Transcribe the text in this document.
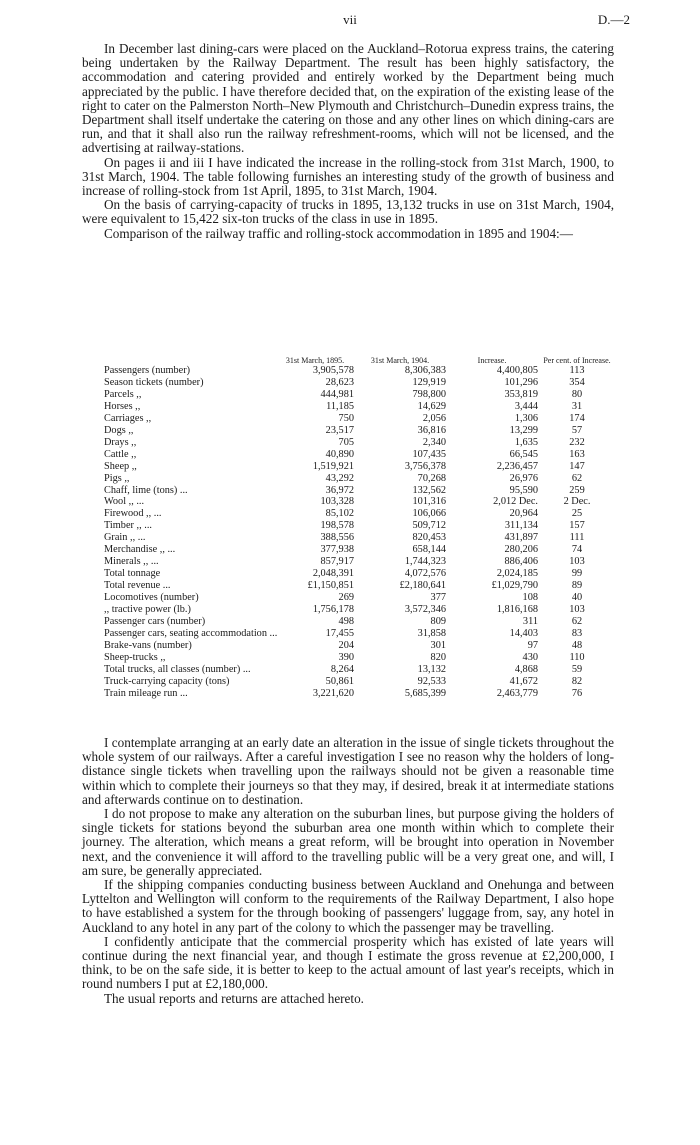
vii	D.—2

In December last dining-cars were placed on the Auckland–Rotorua express trains, the catering being undertaken by the Railway Department. The result has been highly satisfactory, the accommodation and catering provided and entirely worked by the Department being much appreciated by the public. I have therefore decided that, on the expiration of the existing lease of the right to cater on the Palmerston North–New Plymouth and Christchurch–Dunedin express trains, the Department shall itself undertake the catering on those and any other lines on which dining-cars are run, and that it shall also run the railway refreshment-rooms, which will not be licensed, and the advertising at railway-stations.

On pages ii and iii I have indicated the increase in the rolling-stock from 31st March, 1900, to 31st March, 1904. The table following furnishes an interesting study of the growth of business and increase of rolling-stock from 1st April, 1895, to 31st March, 1904.

On the basis of carrying-capacity of trucks in 1895, 13,132 trucks in use on 31st March, 1904, were equivalent to 15,422 six-ton trucks of the class in use in 1895.

Comparison of the railway traffic and rolling-stock accommodation in 1895 and 1904:—

	31st March, 1895.	31st March, 1904.	Increase.	Per cent. of Increase.
Passengers (number)	3,905,578	8,306,383	4,400,805	113
Season tickets (number)	28,623	129,919	101,296	354
Parcels ,,	444,981	798,800	353,819	80
Horses ,,	11,185	14,629	3,444	31
Carriages ,,	750	2,056	1,306	174
Dogs ,,	23,517	36,816	13,299	57
Drays ,,	705	2,340	1,635	232
Cattle ,,	40,890	107,435	66,545	163
Sheep ,,	1,519,921	3,756,378	2,236,457	147
Pigs ,,	43,292	70,268	26,976	62
Chaff, lime (tons) ...	36,972	132,562	95,590	259
Wool ,, ...	103,328	101,316	2,012 Dec.	2 Dec.
Firewood ,, ...	85,102	106,066	20,964	25
Timber ,, ...	198,578	509,712	311,134	157
Grain ,, ...	388,556	820,453	431,897	111
Merchandise ,, ...	377,938	658,144	280,206	74
Minerals ,, ...	857,917	1,744,323	886,406	103
Total tonnage	2,048,391	4,072,576	2,024,185	99
Total revenue ...	£1,150,851	£2,180,641	£1,029,790	89
Locomotives (number)	269	377	108	40
,, tractive power (lb.)	1,756,178	3,572,346	1,816,168	103
Passenger cars (number)	498	809	311	62
Passenger cars, seating accommodation ...	17,455	31,858	14,403	83
Brake-vans (number)	204	301	97	48
Sheep-trucks ,,	390	820	430	110
Total trucks, all classes (number) ...	8,264	13,132	4,868	59
Truck-carrying capacity (tons)	50,861	92,533	41,672	82
Train mileage run ...	3,221,620	5,685,399	2,463,779	76

I contemplate arranging at an early date an alteration in the issue of single tickets throughout the whole system of our railways. After a careful investigation I see no reason why the holders of long-distance single tickets when travelling upon the railways should not be given a reasonable time within which to complete their journeys so that they may, if desired, break it at intermediate stations and afterwards continue on to destination.

I do not propose to make any alteration on the suburban lines, but purpose giving the holders of single tickets for stations beyond the suburban area one month within which to complete their journey. The alteration, which means a great reform, will be brought into operation in November next, and the convenience it will afford to the travelling public will be a very great one, and will, I am sure, be generally appreciated.

If the shipping companies conducting business between Auckland and Onehunga and between Lyttelton and Wellington will conform to the requirements of the Railway Department, I also hope to have established a system for the through booking of passengers' luggage from, say, any hotel in Auckland to any hotel in any part of the colony to which the passenger may be travelling.

I confidently anticipate that the commercial prosperity which has existed of late years will continue during the next financial year, and though I estimate the gross revenue at £2,200,000, I think, to be on the safe side, it is better to keep to the actual amount of last year's receipts, which in round numbers I put at £2,180,000.

The usual reports and returns are attached hereto.
